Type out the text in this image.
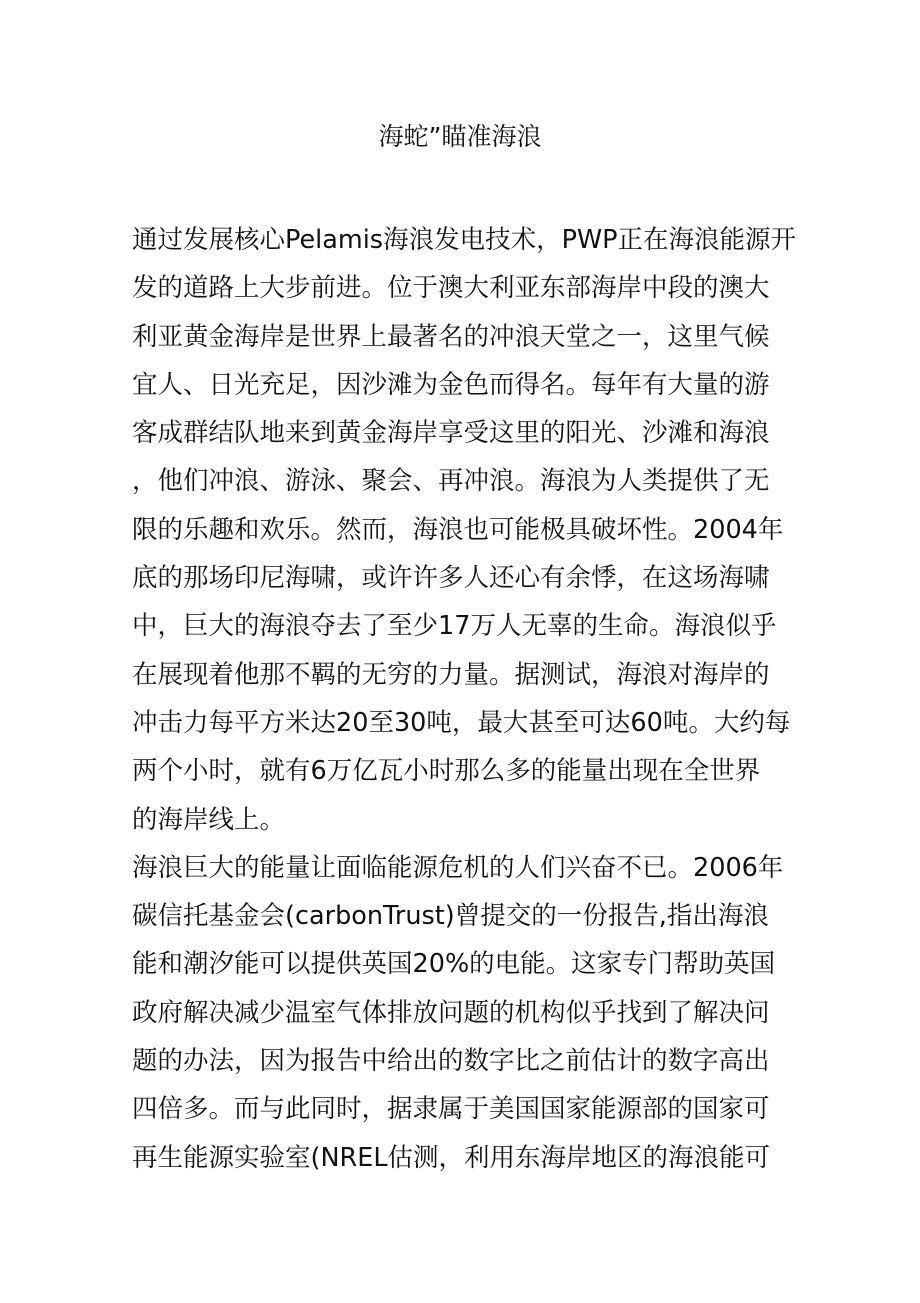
海蛇”瞄准海浪
通过发展核心Pelamis海浪发电技术，PWP正在海浪能源开
发的道路上大步前进。位于澳大利亚东部海岸中段的澳大
利亚黄金海岸是世界上最著名的冲浪天堂之一，这里气候
宜人、日光充足，因沙滩为金色而得名。每年有大量的游
客成群结队地来到黄金海岸享受这里的阳光、沙滩和海浪
，他们冲浪、游泳、聚会、再冲浪。海浪为人类提供了无
限的乐趣和欢乐。然而，海浪也可能极具破坏性。2004年
底的那场印尼海啸，或许许多人还心有余悸，在这场海啸
中，巨大的海浪夺去了至少17万人无辜的生命。海浪似乎
在展现着他那不羁的无穷的力量。据测试，海浪对海岸的
冲击力每平方米达20至30吨，最大甚至可达60吨。大约每
两个小时，就有6万亿瓦小时那么多的能量出现在全世界
的海岸线上。
海浪巨大的能量让面临能源危机的人们兴奋不已。2006年
碳信托基金会(carbonTrust)曾提交的一份报告,指出海浪
能和潮汐能可以提供英国20%的电能。这家专门帮助英国
政府解决减少温室气体排放问题的机构似乎找到了解决问
题的办法，因为报告中给出的数字比之前估计的数字高出
四倍多。而与此同时，据隶属于美国国家能源部的国家可
再生能源实验室(NREL估测，利用东海岸地区的海浪能可
